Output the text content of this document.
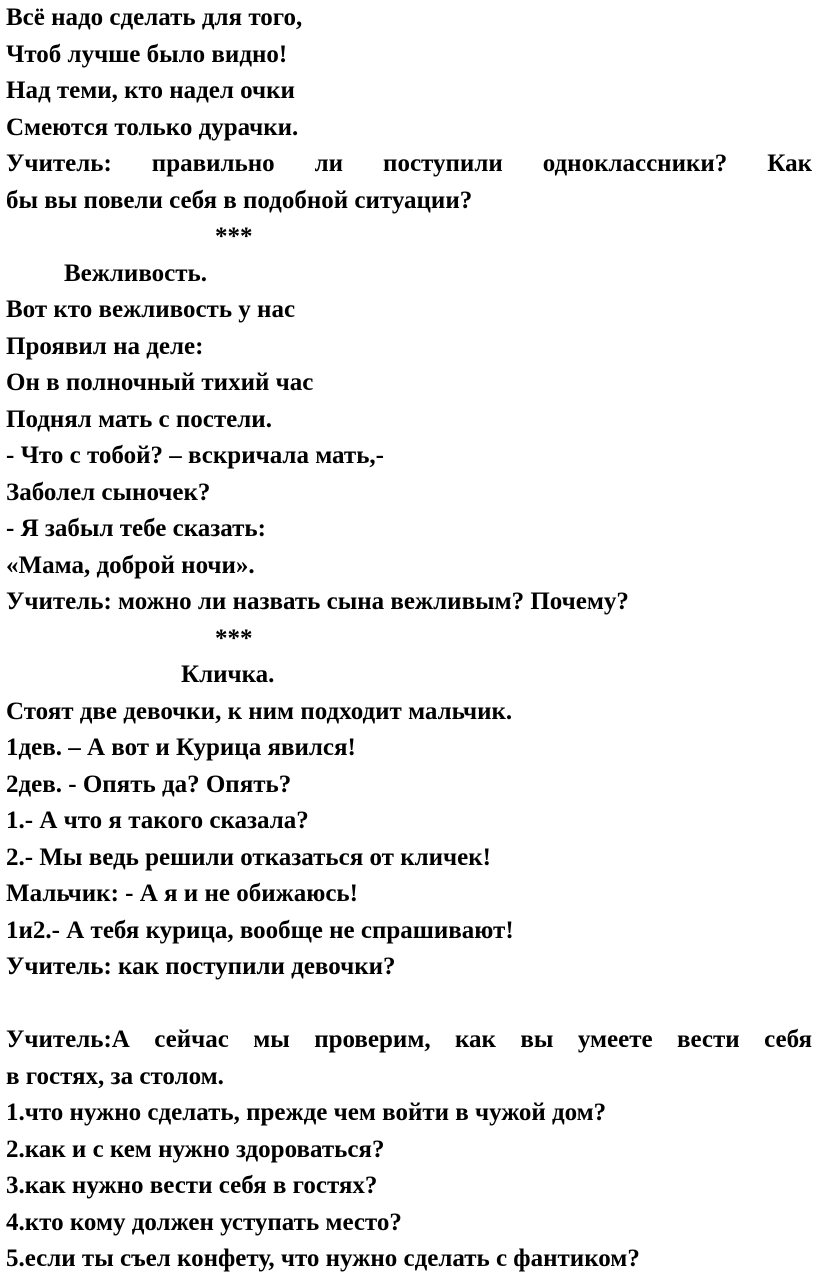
Всё надо сделать для того,
Чтоб лучше было видно!
Над теми, кто надел очки
Смеются только дурачки.
Учитель: правильно ли поступили одноклассники? Как
бы вы повели себя в подобной ситуации?
***
Вежливость.
Вот кто вежливость у нас
Проявил на деле:
Он в полночный тихий час
Поднял мать с постели.
- Что с тобой? – вскричала мать,-
Заболел сыночек?
- Я забыл тебе сказать:
«Мама, доброй ночи».
Учитель: можно ли назвать сына вежливым? Почему?
***
Кличка.
Стоят две девочки, к ним подходит мальчик.
1дев. – А вот и Курица явился!
2дев. - Опять да? Опять?
1.- А что я такого сказала?
2.- Мы ведь решили отказаться от кличек!
Мальчик: - А я и не обижаюсь!
1и2.- А тебя курица, вообще не спрашивают!
Учитель: как поступили девочки?
Учитель:А сейчас мы проверим, как вы умеете вести себя
в гостях, за столом.
1.что нужно сделать, прежде чем войти в чужой дом?
2.как и с кем нужно здороваться?
3.как нужно вести себя в гостях?
4.кто кому должен уступать место?
5.если ты съел конфету, что нужно сделать с фантиком?
